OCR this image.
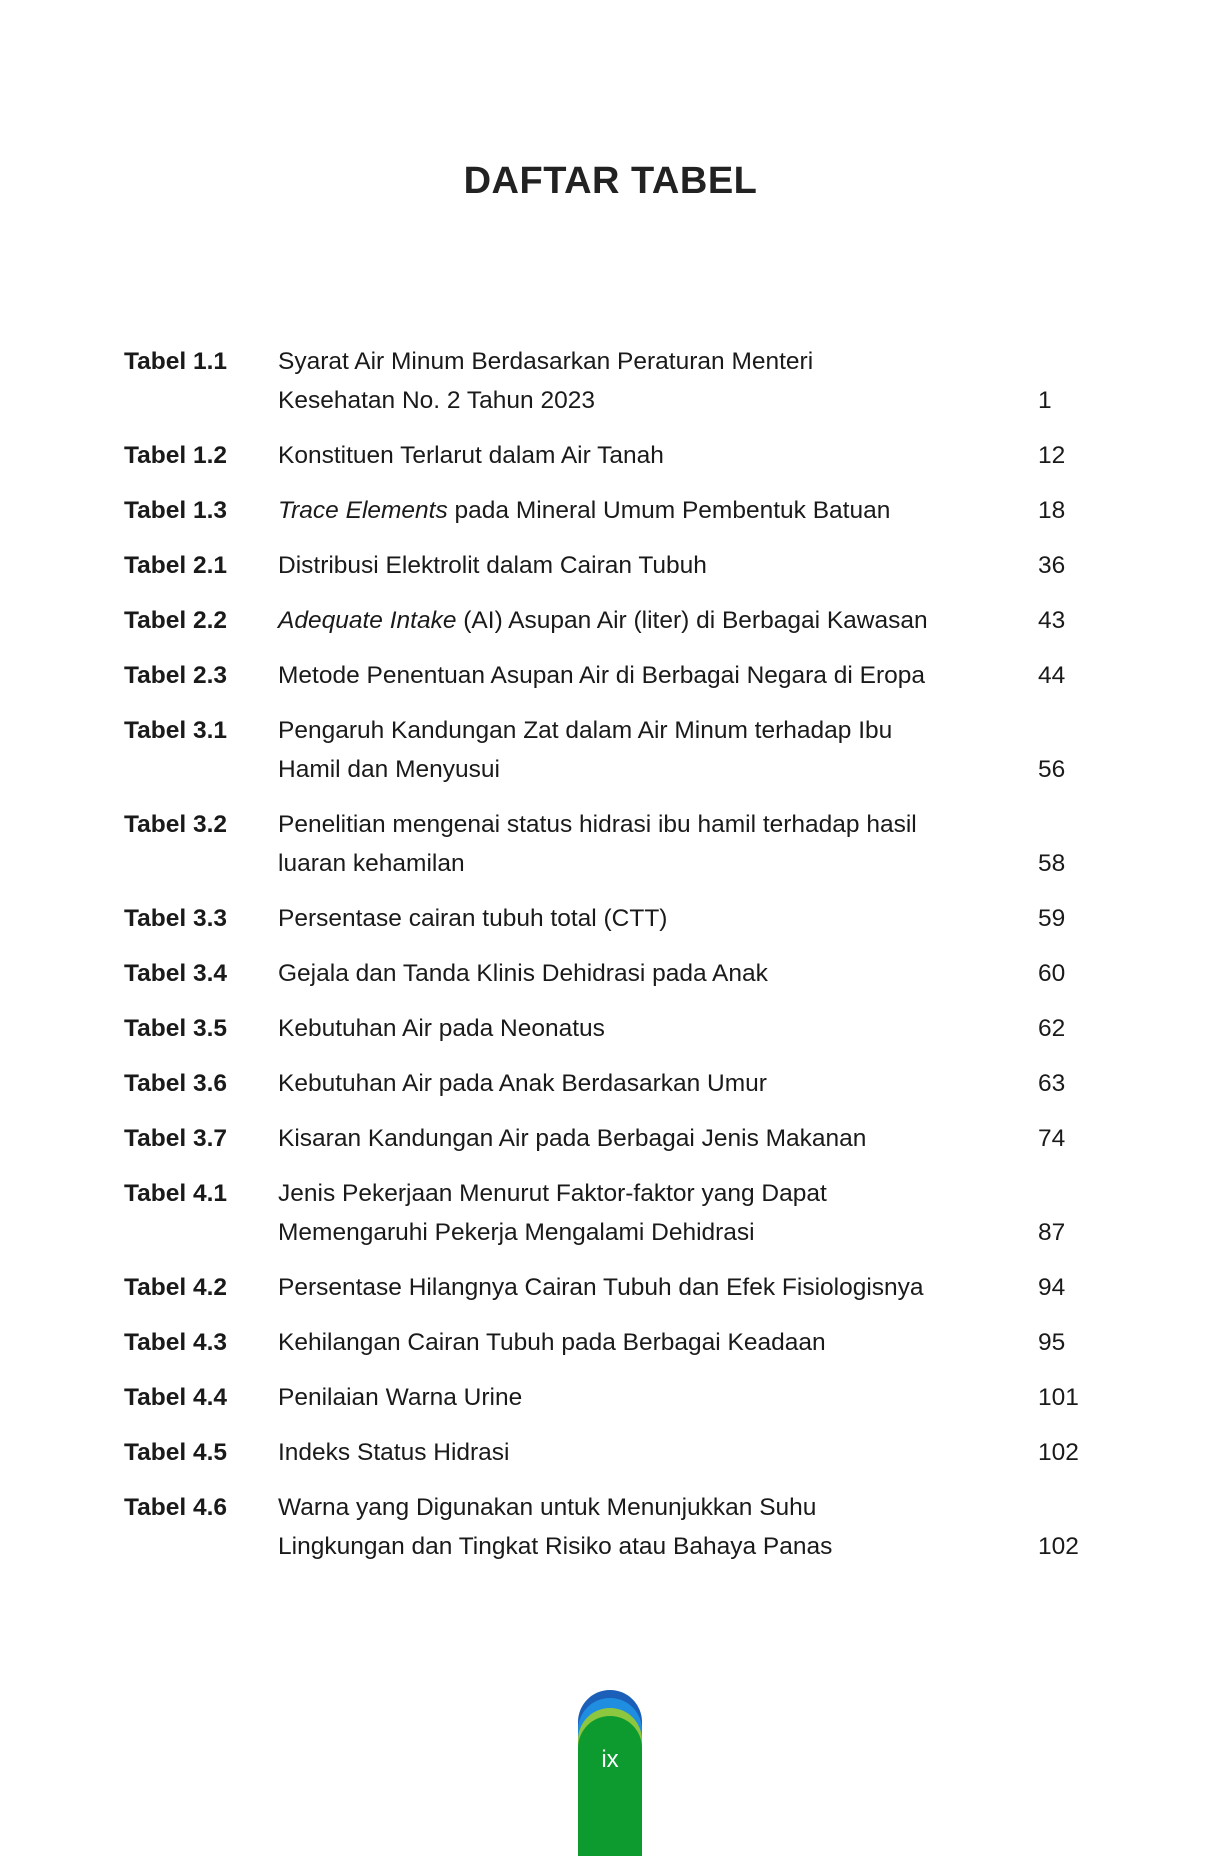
DAFTAR TABEL
Tabel 1.1	Syarat Air Minum Berdasarkan Peraturan Menteri
Kesehatan No. 2 Tahun 2023	1
Tabel 1.2	Konstituen Terlarut dalam Air Tanah	12
Tabel 1.3	Trace Elements pada Mineral Umum Pembentuk Batuan	18
Tabel 2.1	Distribusi Elektrolit dalam Cairan Tubuh	36
Tabel 2.2	Adequate Intake (AI) Asupan Air (liter) di Berbagai Kawasan	43
Tabel 2.3	Metode Penentuan Asupan Air di Berbagai Negara di Eropa	44
Tabel 3.1	Pengaruh Kandungan Zat dalam Air Minum terhadap Ibu
Hamil dan Menyusui	56
Tabel 3.2	Penelitian mengenai status hidrasi ibu hamil terhadap hasil
luaran kehamilan	58
Tabel 3.3	Persentase cairan tubuh total (CTT)	59
Tabel 3.4	Gejala dan Tanda Klinis Dehidrasi pada Anak	60
Tabel 3.5	Kebutuhan Air pada Neonatus	62
Tabel 3.6	Kebutuhan Air pada Anak Berdasarkan Umur	63
Tabel 3.7	Kisaran Kandungan Air pada Berbagai Jenis Makanan	74
Tabel 4.1	Jenis Pekerjaan Menurut Faktor-faktor yang Dapat
Memengaruhi Pekerja Mengalami Dehidrasi	87
Tabel 4.2	Persentase Hilangnya Cairan Tubuh dan Efek Fisiologisnya	94
Tabel 4.3	Kehilangan Cairan Tubuh pada Berbagai Keadaan	95
Tabel 4.4	Penilaian Warna Urine	101
Tabel 4.5	Indeks Status Hidrasi	102
Tabel 4.6	Warna yang Digunakan untuk Menunjukkan Suhu
Lingkungan dan Tingkat Risiko atau Bahaya Panas	102
ix
